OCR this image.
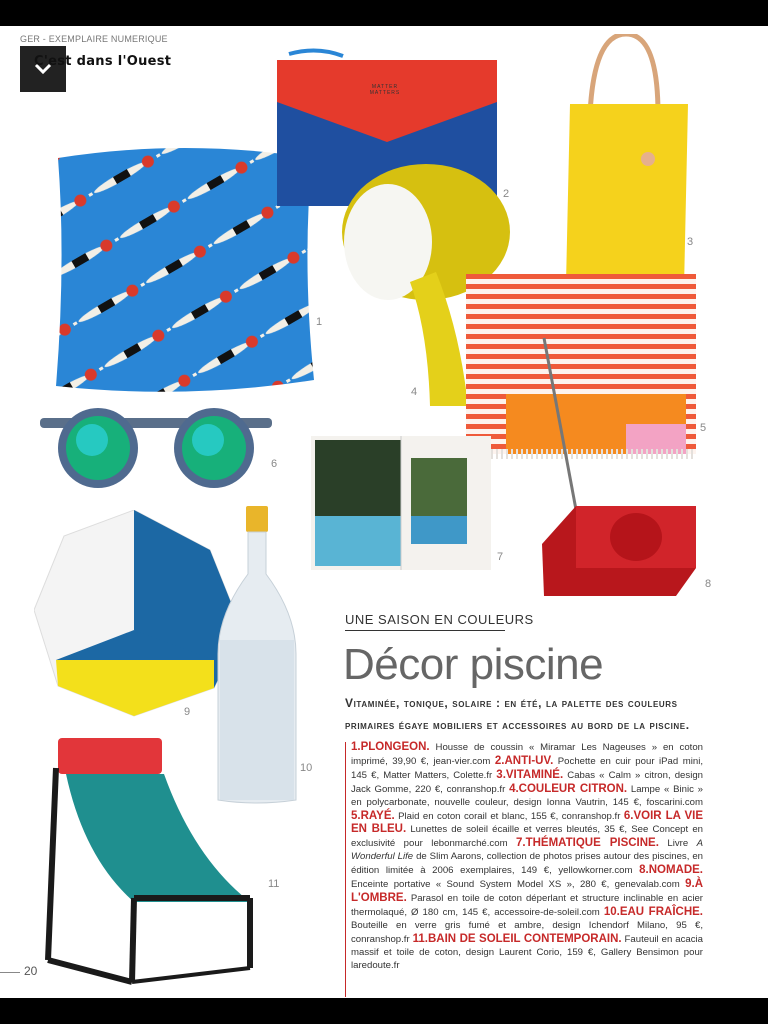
GER - EXEMPLAIRE NUMERIQUE
C'est dans l'Ouest
1
MATTER MATTERS
2
3
4
5
6
7
8
9
10
11
UNE SAISON EN COULEURS
Décor piscine
Vitaminée, tonique, solaire : en été, la palette des couleurs primaires égaye mobiliers et accessoires au bord de la piscine.
1.PLONGEON. Housse de coussin « Miramar Les Nageuses » en coton imprimé, 39,90 €, jean-vier.com 2.ANTI-UV. Pochette en cuir pour iPad mini, 145 €, Matter Matters, Colette.fr 3.VITAMINÉ. Cabas « Calm » citron, design Jack Gomme, 220 €, conranshop.fr 4.COULEUR CITRON. Lampe « Binic » en polycarbonate, nouvelle couleur, design Ionna Vautrin, 145 €, foscarini.com 5.RAYÉ. Plaid en coton corail et blanc, 155 €, conranshop.fr 6.VOIR LA VIE EN BLEU. Lunettes de soleil écaille et verres bleutés, 35 €, See Concept en exclusivité pour lebonmarché.com 7.THÉMATIQUE PISCINE. Livre A Wonderful Life de Slim Aarons, collection de photos prises autour des piscines, en édition limitée à 2006 exemplaires, 149 €, yellowkorner.com 8.NOMADE. Enceinte portative « Sound System Model XS », 280 €, genevalab.com 9.À L'OMBRE. Parasol en toile de coton déperlant et structure inclinable en acier thermolaqué, Ø 180 cm, 145 €, accessoire-de-soleil.com 10.EAU FRAÎCHE. Bouteille en verre gris fumé et ambre, design Ichendorf Milano, 95 €, conranshop.fr 11.BAIN DE SOLEIL CONTEMPORAIN. Fauteuil en acacia massif et toile de coton, design Laurent Corio, 159 €, Gallery Bensimon pour laredoute.fr
20
